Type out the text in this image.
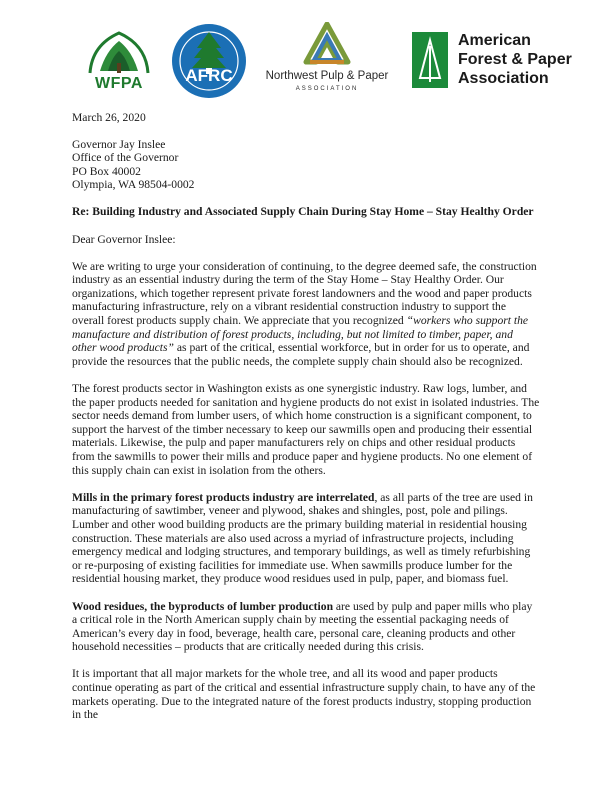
WFPA	AFRC	Northwest Pulp & Paper
ASSOCIATION
American
Forest & Paper
Association

March 26, 2020

Governor Jay Inslee
Office of the Governor
PO Box 40002
Olympia, WA 98504-0002

Re: Building Industry and Associated Supply Chain During Stay Home – Stay Healthy Order

Dear Governor Inslee:

We are writing to urge your consideration of continuing, to the degree deemed safe, the construction industry as an essential industry during the term of the Stay Home – Stay Healthy Order. Our organizations, which together represent private forest landowners and the wood and paper products manufacturing infrastructure, rely on a vibrant residential construction industry to support the overall forest products supply chain. We appreciate that you recognized “workers who support the manufacture and distribution of forest products, including, but not limited to timber, paper, and other wood products” as part of the critical, essential workforce, but in order for us to operate, and provide the resources that the public needs, the complete supply chain should also be recognized.

The forest products sector in Washington exists as one synergistic industry. Raw logs, lumber, and the paper products needed for sanitation and hygiene products do not exist in isolated industries. The sector needs demand from lumber users, of which home construction is a significant component, to support the harvest of the timber necessary to keep our sawmills open and producing their essential materials. Likewise, the pulp and paper manufacturers rely on chips and other residual products from the sawmills to power their mills and produce paper and hygiene products. No one element of this supply chain can exist in isolation from the others.

Mills in the primary forest products industry are interrelated, as all parts of the tree are used in manufacturing of sawtimber, veneer and plywood, shakes and shingles, post, pole and pilings. Lumber and other wood building products are the primary building material in residential housing construction. These materials are also used across a myriad of infrastructure projects, including emergency medical and lodging structures, and temporary buildings, as well as timely refurbishing or re-purposing of existing facilities for immediate use. When sawmills produce lumber for the residential housing market, they produce wood residues used in pulp, paper, and biomass fuel.

Wood residues, the byproducts of lumber production are used by pulp and paper mills who play a critical role in the North American supply chain by meeting the essential packaging needs of American’s every day in food, beverage, health care, personal care, cleaning products and other household necessities – products that are critically needed during this crisis.

It is important that all major markets for the whole tree, and all its wood and paper products continue operating as part of the critical and essential infrastructure supply chain, to have any of the markets operating. Due to the integrated nature of the forest products industry, stopping production in the
